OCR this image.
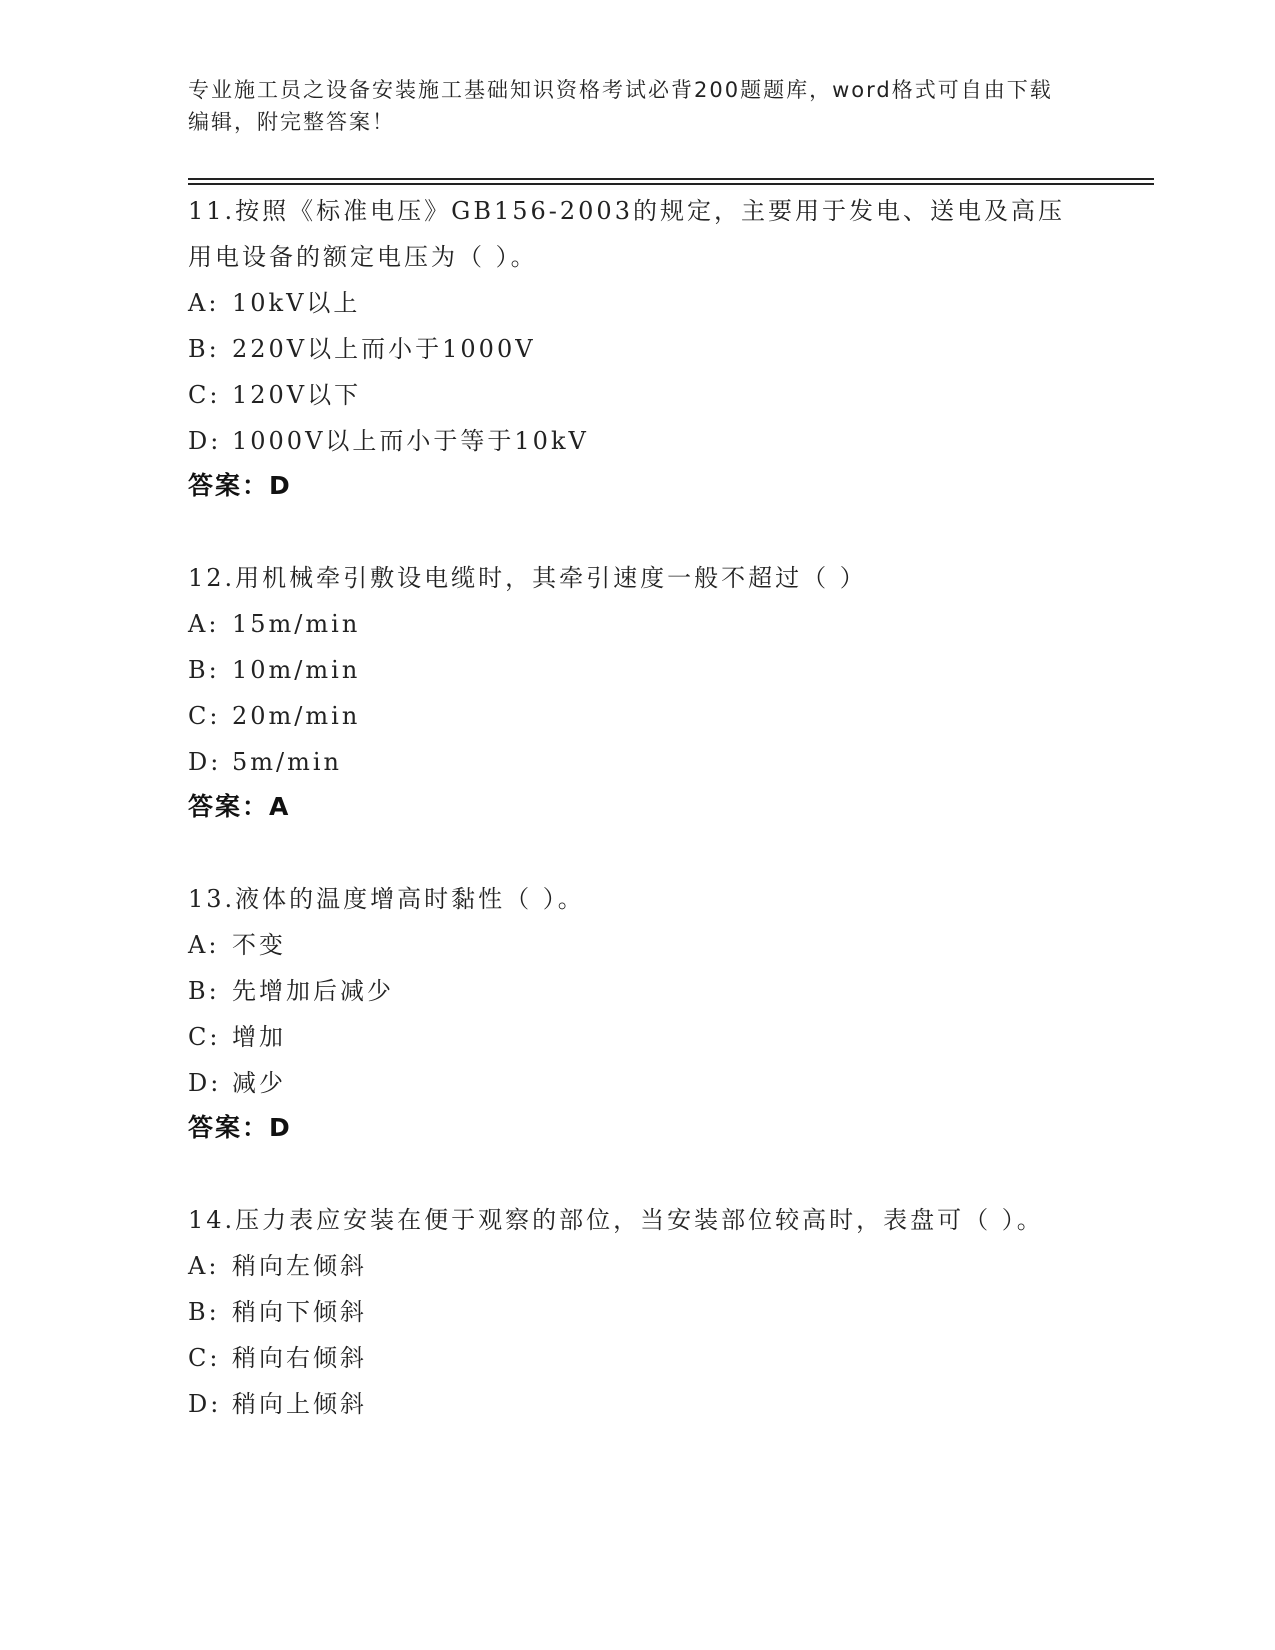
专业施工员之设备安装施工基础知识资格考试必背200题题库，word格式可自由下载编辑，附完整答案！

11.按照《标准电压》GB156-2003的规定，主要用于发电、送电及高压用电设备的额定电压为（ ）。

A: 10kV以上

B: 220V以上而小于1000V

C: 120V以下

D: 1000V以上而小于等于10kV

答案：D

12.用机械牵引敷设电缆时，其牵引速度一般不超过（ ）

A: 15m/min

B: 10m/min

C: 20m/min

D: 5m/min

答案：A

13.液体的温度增高时黏性（ ）。

A: 不变

B: 先增加后减少

C: 增加

D: 减少

答案：D

14.压力表应安装在便于观察的部位，当安装部位较高时，表盘可（ ）。

A: 稍向左倾斜

B: 稍向下倾斜

C: 稍向右倾斜

D: 稍向上倾斜
